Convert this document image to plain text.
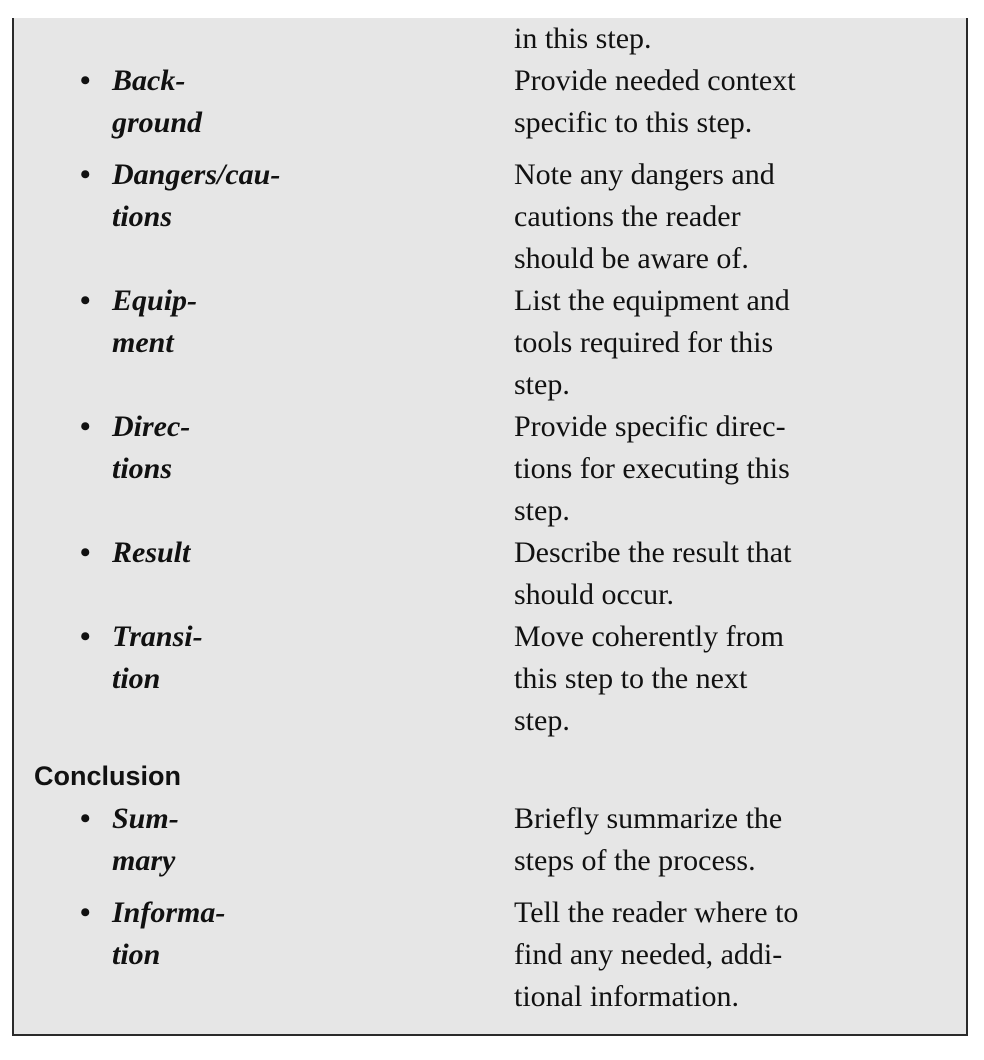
in this step.
• Back-
ground
Provide needed context
specific to this step.
• Dangers/cau-
tions
Note any dangers and
cautions the reader
should be aware of.
• Equip-
ment
List the equipment and
tools required for this
step.
• Direc-
tions
Provide specific direc-
tions for executing this
step.
• Result	Describe the result that
should occur.
• Transi-
tion
Move coherently from
this step to the next
step.
Conclusion
• Sum-
mary
Briefly summarize the
steps of the process.
• Informa-
tion
Tell the reader where to
find any needed, addi-
tional information.
